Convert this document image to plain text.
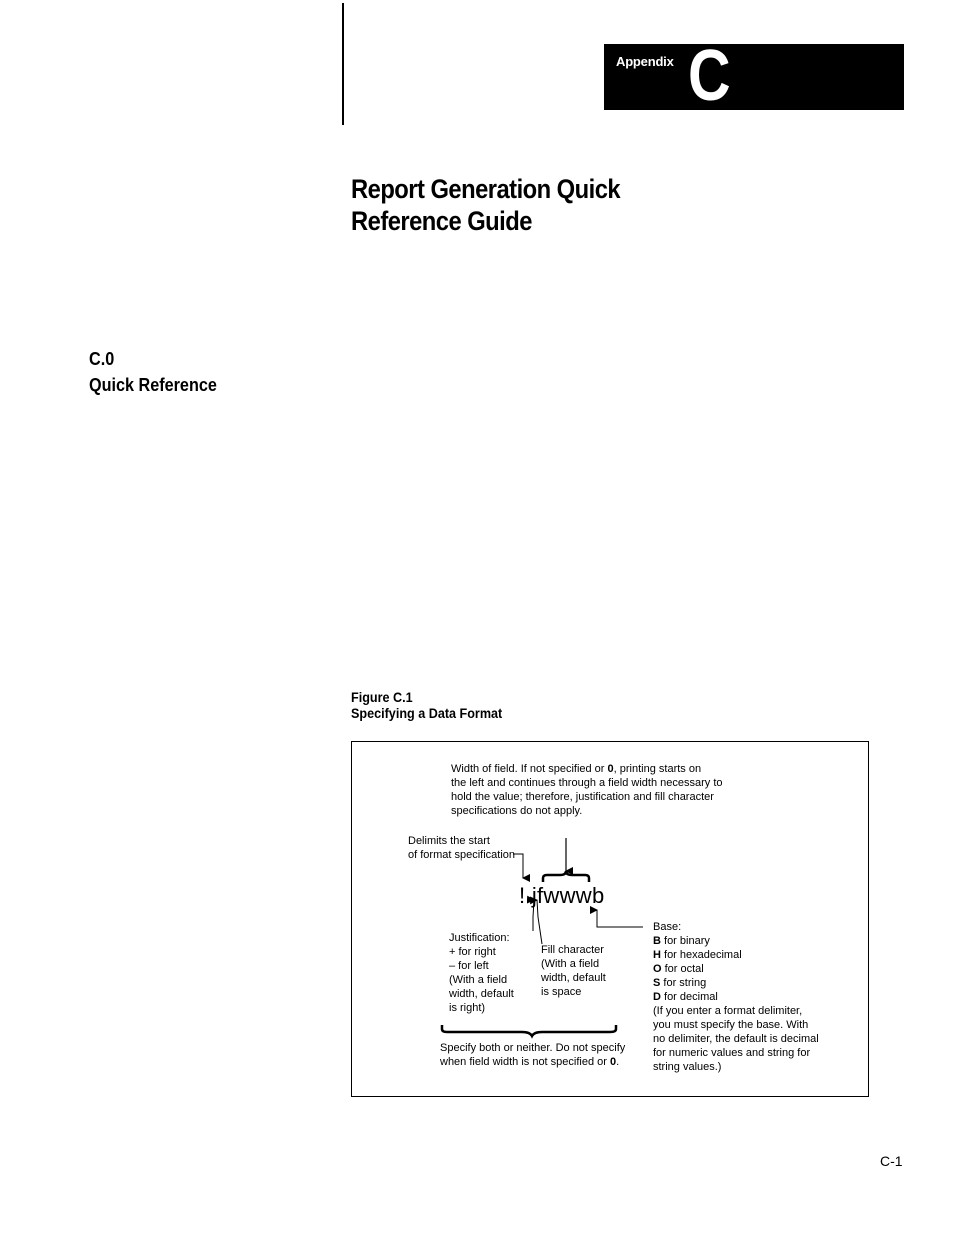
Appendix C
Report Generation Quick
Reference Guide
C.0
Quick Reference
Figure C.1
Specifying a Data Format
Width of field. If not specified or 0, printing starts on
the left and continues through a field width necessary to
hold the value; therefore, justification and fill character
specifications do not apply.
Delimits the start
of format specification
! jfwwwb
Justification:
+ for right
– for left
(With a field
width, default
is right)
Fill character
(With a field
width, default
is space
Base:
B for binary
H for hexadecimal
O for octal
S for string
D for decimal
(If you enter a format delimiter,
you must specify the base. With
no delimiter, the default is decimal
for numeric values and string for
string values.)
Specify both or neither. Do not specify
when field width is not specified or 0.
C-1
